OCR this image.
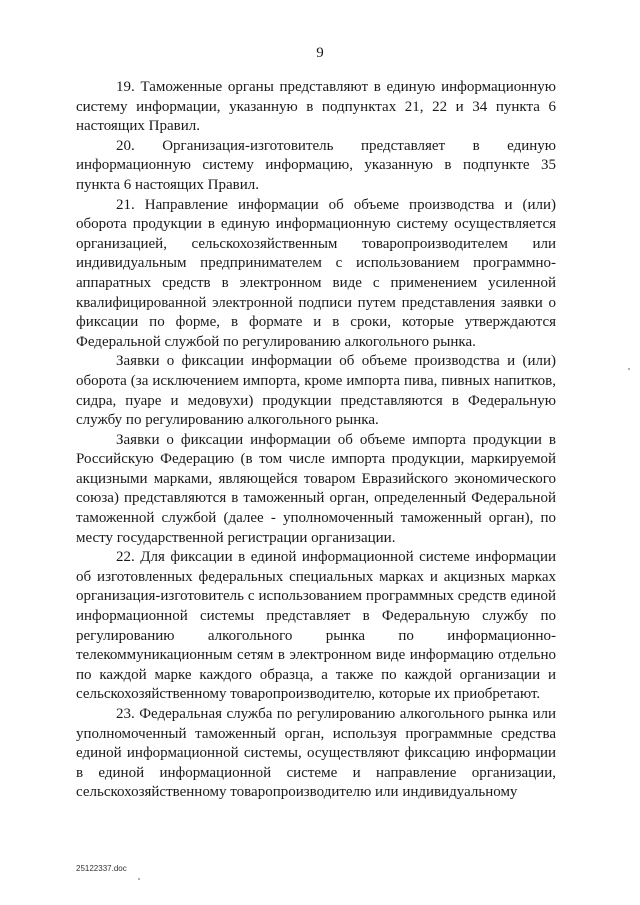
9

19. Таможенные органы представляют в единую информационную систему информации, указанную в подпунктах 21, 22 и 34 пункта 6 настоящих Правил.

20. Организация-изготовитель представляет в единую информационную систему информацию, указанную в подпункте 35 пункта 6 настоящих Правил.

21. Направление информации об объеме производства и (или) оборота продукции в единую информационную систему осуществляется организацией, сельскохозяйственным товаропроизводителем или индивидуальным предпринимателем с использованием программно-аппаратных средств в электронном виде с применением усиленной квалифицированной электронной подписи путем представления заявки о фиксации по форме, в формате и в сроки, которые утверждаются Федеральной службой по регулированию алкогольного рынка.

Заявки о фиксации информации об объеме производства и (или) оборота (за исключением импорта, кроме импорта пива, пивных напитков, сидра, пуаре и медовухи) продукции представляются в Федеральную службу по регулированию алкогольного рынка.

Заявки о фиксации информации об объеме импорта продукции в Российскую Федерацию (в том числе импорта продукции, маркируемой акцизными марками, являющейся товаром Евразийского экономического союза) представляются в таможенный орган, определенный Федеральной таможенной службой (далее - уполномоченный таможенный орган), по месту государственной регистрации организации.

22. Для фиксации в единой информационной системе информации об изготовленных федеральных специальных марках и акцизных марках организация-изготовитель с использованием программных средств единой информационной системы представляет в Федеральную службу по регулированию алкогольного рынка по информационно-телекоммуникационным сетям в электронном виде информацию отдельно по каждой марке каждого образца, а также по каждой организации и сельскохозяйственному товаропроизводителю, которые их приобретают.

23. Федеральная служба по регулированию алкогольного рынка или уполномоченный таможенный орган, используя программные средства единой информационной системы, осуществляют фиксацию информации в единой информационной системе и направление организации, сельскохозяйственному товаропроизводителю или индивидуальному

25122337.doc
